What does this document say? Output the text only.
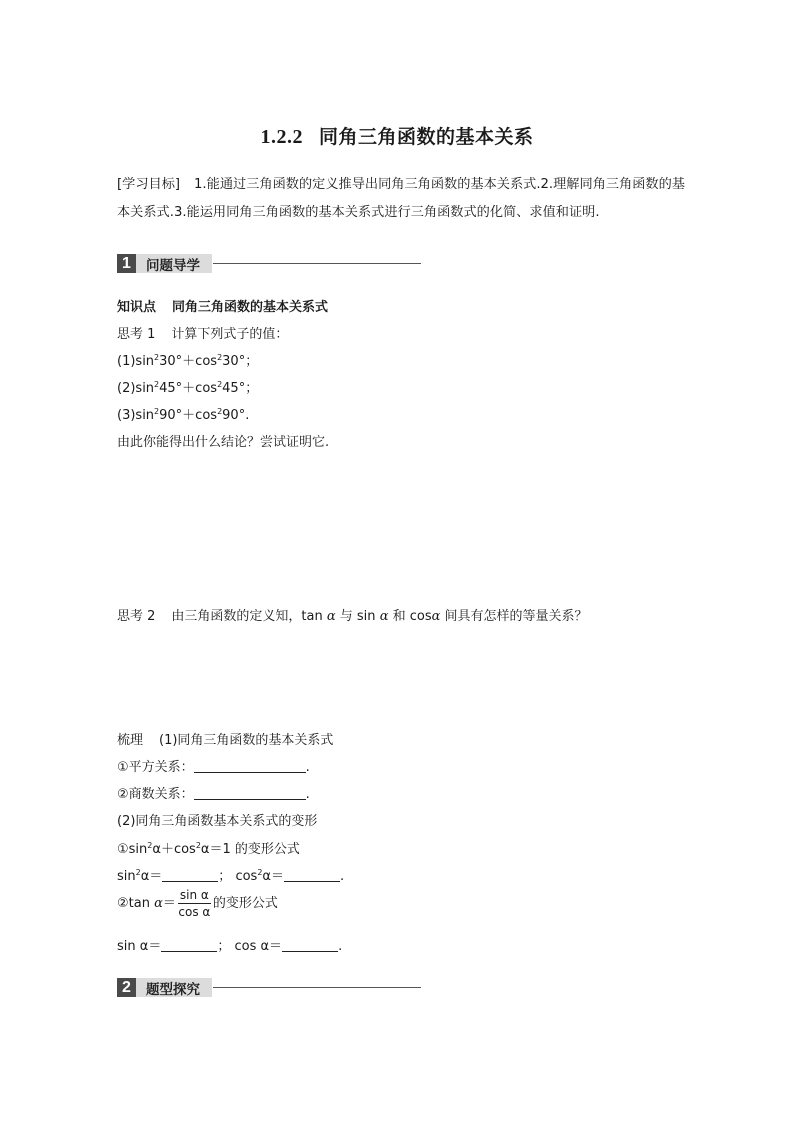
1.2.2 同角三角函数的基本关系
[学习目标] 1.能通过三角函数的定义推导出同角三角函数的基本关系式.2.理解同角三角函数的基本关系式.3.能运用同角三角函数的基本关系式进行三角函数式的化简、求值和证明.
1	问题导学
知识点 同角三角函数的基本关系式
思考 1 计算下列式子的值：
$(1)\sin^230^\circ+\cos^230^\circ$；
$(2)\sin^245^\circ+\cos^245^\circ$；
$(3)\sin^290^\circ+\cos^290^\circ$.
由此你能得出什么结论？尝试证明它.
思考 2 由三角函数的定义知，tan α 与 sin α 和 cosα 间具有怎样的等量关系？
梳理 (1)同角三角函数的基本关系式
①平方关系：	.
②商数关系：	.
(2)同角三角函数基本关系式的变形
$①\sin^2\alpha+\cos^2\alpha=1$ 的变形公式
$\sin^2\alpha=$	； $\cos^2\alpha=$	.
②tan $\alpha= \frac{\text{sin α}}{\text{cos α}}$ 的变形公式
sin α＝	； cos α＝	.
2	题型探究
